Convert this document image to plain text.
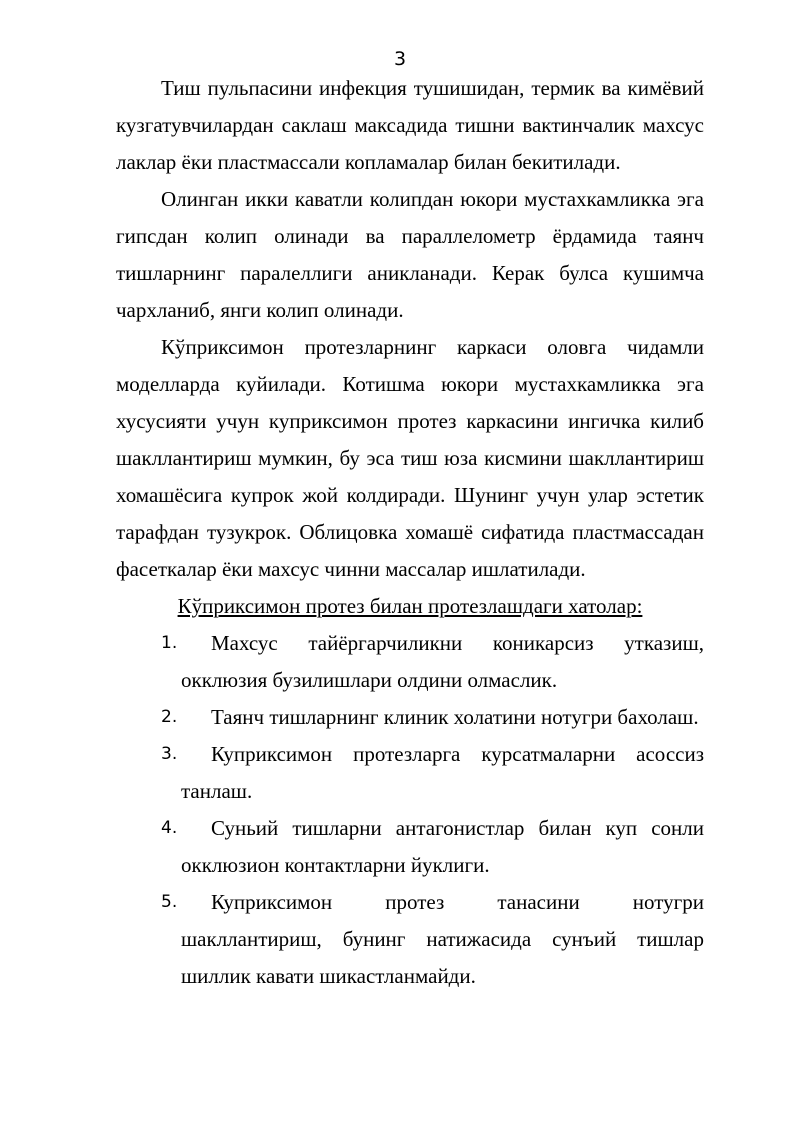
3

Тиш пульпасини инфекция тушишидан, термик ва кимёвий кузгатувчилардан саклаш максадида тишни вактинчалик махсус лаклар ёки пластмассали копламалар билан бекитилади.

Олинган икки каватли колипдан юкори мустахкамликка эга гипсдан колип олинади ва параллелометр ёрдамида таянч тишларнинг паралеллиги аникланади. Керак булса кушимча чархланиб, янги колип олинади.

Кўприксимон протезларнинг каркаси оловга чидамли моделларда куйилади. Котишма юкори мустахкамликка эга хусусияти учун куприксимон протез каркасини ингичка килиб шакллантириш мумкин, бу эса тиш юза кисмини шакллантириш хомашёсига купрок жой колдиради. Шунинг учун улар эстетик тарафдан тузукрок. Облицовка хомашё сифатида пластмассадан фасеткалар ёки махсус чинни массалар ишлатилади.

Кўприксимон протез билан протезлашдаги хатолар:

1.	Махсус тайёргарчиликни коникарсиз утказиш, окклюзия бузилишлари олдини олмаслик.
2.	Таянч тишларнинг клиник холатини нотугри бахолаш.
3.	Куприксимон протезларга курсатмаларни асоссиз танлаш.
4.	Суньий тишларни антагонистлар билан куп сонли окклюзион контактларни йуклиги.
5.	Куприксимон протез танасини нотугри шакллантириш, бунинг натижасида сунъий тишлар шиллик кавати шикастланмайди.
